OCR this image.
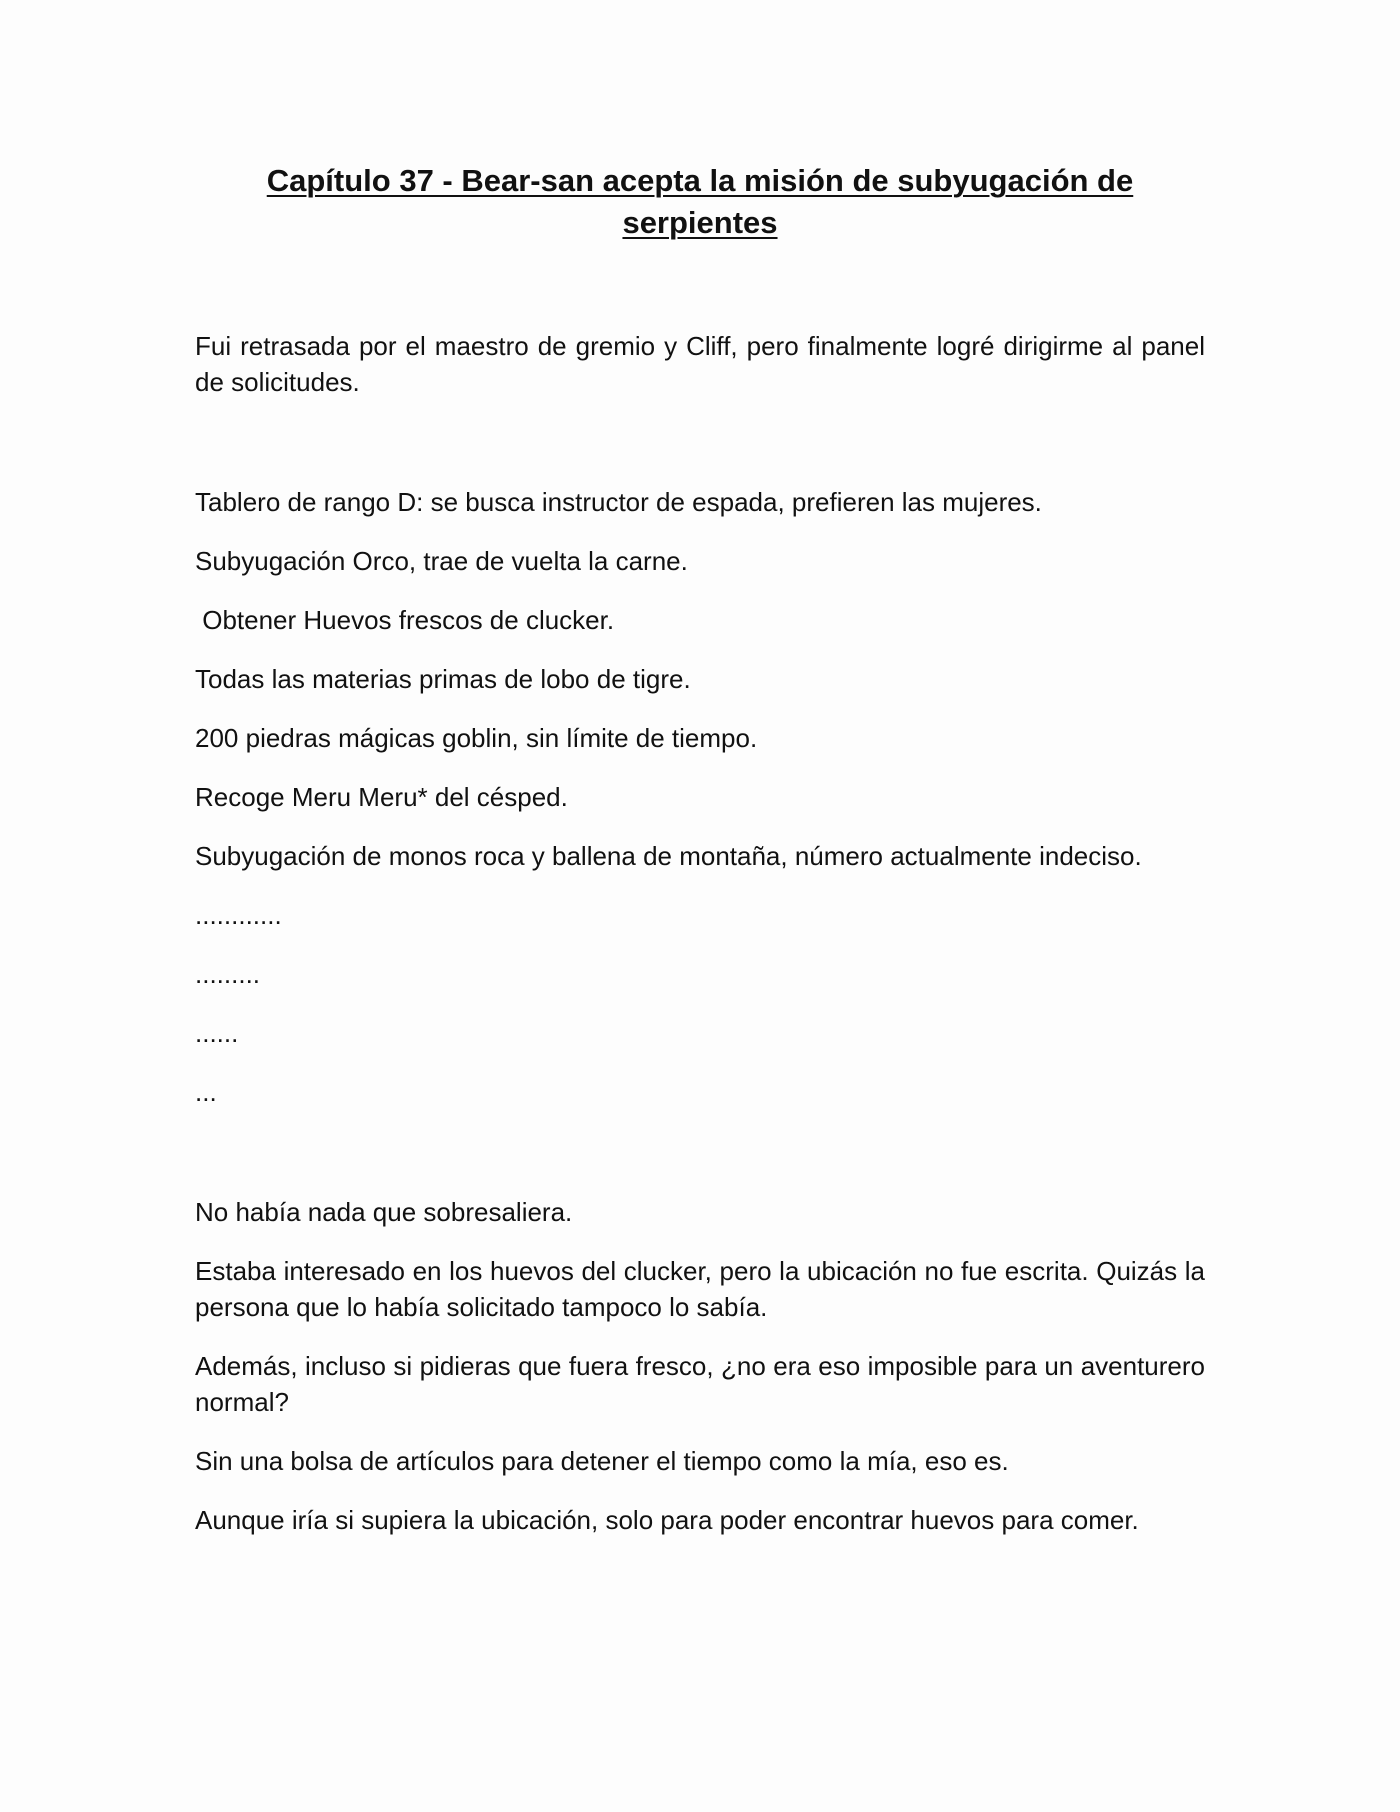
Capítulo 37 - Bear-san acepta la misión de subyugación de serpientes

Fui retrasada por el maestro de gremio y Cliff, pero finalmente logré dirigirme al panel de solicitudes.

Tablero de rango D: se busca instructor de espada, prefieren las mujeres.

Subyugación Orco, trae de vuelta la carne.

Obtener Huevos frescos de clucker.

Todas las materias primas de lobo de tigre.

200 piedras mágicas goblin, sin límite de tiempo.

Recoge Meru Meru* del césped.

Subyugación de monos roca y ballena de montaña, número actualmente indeciso.

............

.........

......

...

No había nada que sobresaliera.

Estaba interesado en los huevos del clucker, pero la ubicación no fue escrita. Quizás la persona que lo había solicitado tampoco lo sabía.

Además, incluso si pidieras que fuera fresco, ¿no era eso imposible para un aventurero normal?

Sin una bolsa de artículos para detener el tiempo como la mía, eso es.

Aunque iría si supiera la ubicación, solo para poder encontrar huevos para comer.
